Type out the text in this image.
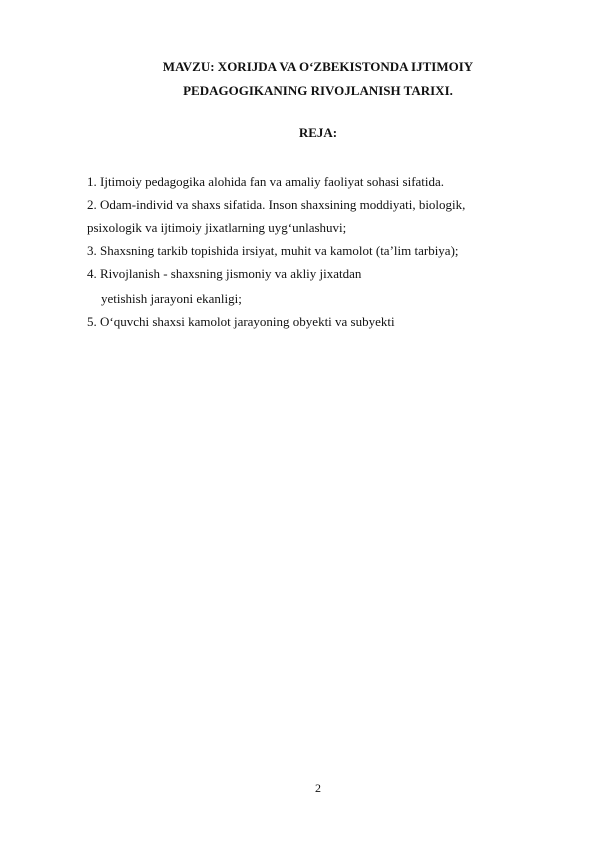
MAVZU: XORIJDA VA O‘ZBEKISTONDA IJTIMOIY
PEDAGOGIKANING RIVOJLANISH TARIXI.
REJA:
1. Ijtimoiy pedagogika alohida fan va amaliy faoliyat sohasi sifatida.
2. Odam-individ va shaxs sifatida. Inson shaxsining moddiyati, biologik,
psixologik va ijtimoiy jixatlarning uyg‘unlashuvi;
3. Shaxsning tarkib topishida irsiyat, muhit va kamolot (ta’lim tarbiya);
4. Rivojlanish - shaxsning jismoniy va akliy jixatdan
yetishish jarayoni ekanligi;
5. O‘quvchi shaxsi kamolot jarayoning obyekti va subyekti
2
